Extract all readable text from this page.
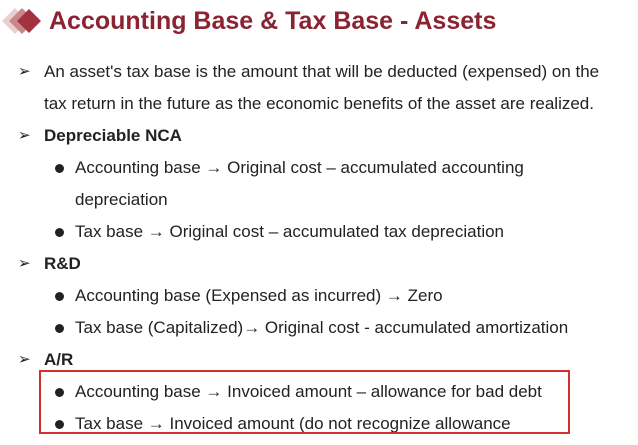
Accounting Base & Tax Base - Assets
➢ An asset's tax base is the amount that will be deducted (expensed) on the
tax return in the future as the economic benefits of the asset are realized.
➢ Depreciable NCA
Accounting base → Original cost – accumulated accounting
depreciation
Tax base → Original cost – accumulated tax depreciation
➢ R&D
Accounting base (Expensed as incurred) → Zero
Tax base (Capitalized)→ Original cost - accumulated amortization
➢ A/R
Accounting base → Invoiced amount – allowance for bad debt
Tax base → Invoiced amount (do not recognize allowance
